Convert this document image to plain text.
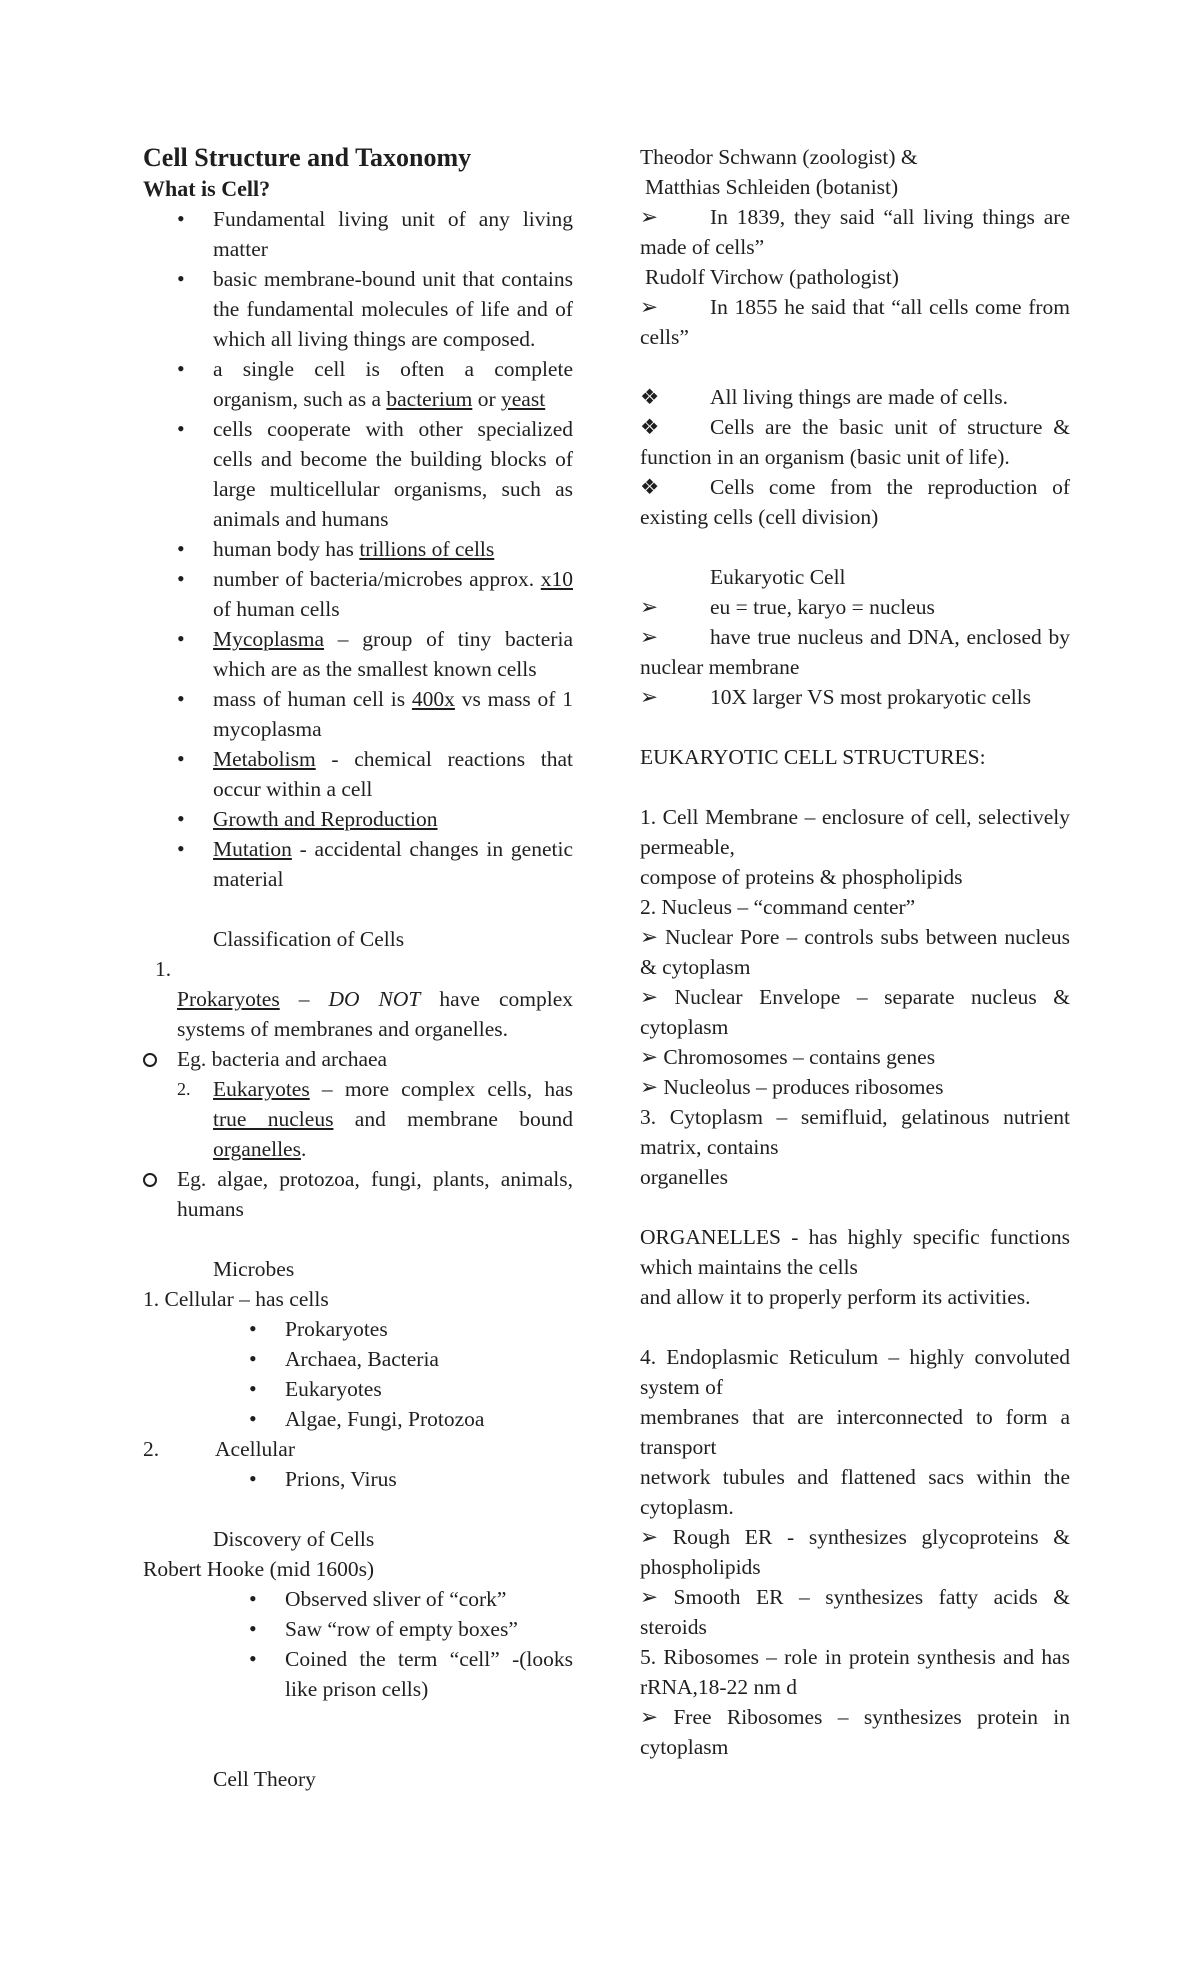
Cell Structure and Taxonomy

What is Cell?

• Fundamental living unit of any living matter
• basic membrane-bound unit that contains the fundamental molecules of life and of which all living things are composed.
• a single cell is often a complete organism, such as a bacterium or yeast
• cells cooperate with other specialized cells and become the building blocks of large multicellular organisms, such as animals and humans
• human body has trillions of cells
• number of bacteria/microbes approx. x10 of human cells
• Mycoplasma – group of tiny bacteria which are as the smallest known cells
• mass of human cell is 400x vs mass of 1 mycoplasma
• Metabolism - chemical reactions that occur within a cell
• Growth and Reproduction
• Mutation - accidental changes in genetic material

Classification of Cells

1.
Prokaryotes – DO NOT have complex systems of membranes and organelles.
Eg. bacteria and archaea
2.	Eukaryotes – more complex cells, has true nucleus and membrane bound organelles.
Eg. algae, protozoa, fungi, plants, animals, humans

Microbes

1. Cellular – has cells

• Prokaryotes
• Archaea, Bacteria
• Eukaryotes
• Algae, Fungi, Protozoa
2.	Acellular
• Prions, Virus

Discovery of Cells

Robert Hooke (mid 1600s)

• Observed sliver of “cork”
• Saw “row of empty boxes”
• Coined the term “cell” -(looks like prison cells)

Cell Theory

Theodor Schwann (zoologist) &

Matthias Schleiden (botanist)

➢ In 1839, they said “all living things are made of cells”

Rudolf Virchow (pathologist)

➢ In 1855 he said that “all cells come from cells”

❖ All living things are made of cells.

❖ Cells are the basic unit of structure & function in an organism (basic unit of life).

❖ Cells come from the reproduction of existing cells (cell division)

Eukaryotic Cell

➢ eu = true, karyo = nucleus

➢ have true nucleus and DNA, enclosed by nuclear membrane

➢ 10X larger VS most prokaryotic cells

EUKARYOTIC CELL STRUCTURES:

1. Cell Membrane – enclosure of cell, selectively permeable,

compose of proteins & phospholipids

2. Nucleus – “command center”

➢ Nuclear Pore – controls subs between nucleus & cytoplasm

➢ Nuclear Envelope – separate nucleus & cytoplasm

➢ Chromosomes – contains genes

➢ Nucleolus – produces ribosomes

3. Cytoplasm – semifluid, gelatinous nutrient matrix, contains

organelles

ORGANELLES - has highly specific functions which maintains the cells

and allow it to properly perform its activities.

4. Endoplasmic Reticulum – highly convoluted system of

membranes that are interconnected to form a transport

network tubules and flattened sacs within the cytoplasm.

➢ Rough ER - synthesizes glycoproteins & phospholipids

➢ Smooth ER – synthesizes fatty acids & steroids

5. Ribosomes – role in protein synthesis and has rRNA,18-22 nm d

➢ Free Ribosomes – synthesizes protein in cytoplasm
